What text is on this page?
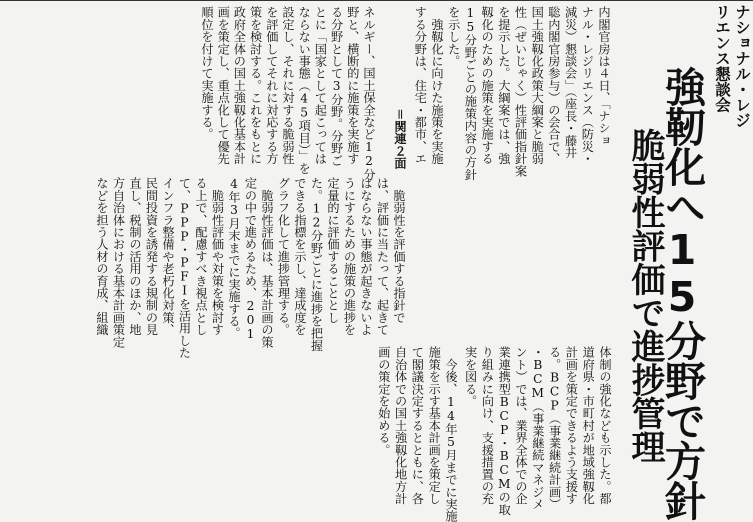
ナショナル・レジ
リエンス懇談会
強靭化へ15分野で方針
脆弱性評価で進捗管理
内閣官房は４日、「ナショ
ナル・レジリエンス（防災・
減災）懇談会」（座長・藤井
聡内閣官房参与）の会合で、
国土強靱化政策大綱案と脆弱
性（ぜいじゃく）性評価指針案
を提示した。大綱案では、強
靱化のための施策を実施する
15分野ごとの施策内容の方針
を示した。
　強靱化に向けた施策を実施
する分野は、住宅・都市、エ
＝関連２面
ネルギー、国土保全など12分
野と、横断的に施策を実施す
る分野として3分野。分野ご
とに「国家として起こっては
ならない事態（45項目）」を
設定し、それに対する脆弱性
を評価してそれに対応する方
策を検討する。これをもとに
政府全体の国土強靱化基本計
画を策定し、重点化して優先
順位を付けて実施する。
　脆弱性を評価する指針で
は、評価に当たって、起きて
はならない事態が起きないよ
うにするための施策の進捗を
定量的に評価することとし
た。12分野ごとに進捗を把握
できる指標を示し、達成度を
グラフ化して進捗管理する。
　脆弱性評価は、基本計画の策
定の中で進めるため、201
4年3月末までに実施する。
　脆弱性評価や対策を検討す
る上で、配慮すべき視点とし
て、PPP・PFIを活用した
インフラ整備や老朽化対策、
民間投資を誘発する規制の見
直し、税制の活用のほか、地
方自治体における基本計画策定
などを担う人材の育成、組織
体制の強化なども示した。都
道府県・市町村が地域強靱化
計画を策定できるよう支援す
る。BCP（事業継続計画）
・BCM（事業継続マネジメ
ント）では、業界全体での企
業連携型BCP・BCMの取
り組みに向け、支援措置の充
実を図る。
　今後、14年5月までに実施
施策を示す基本計画を策定し
て閣議決定するとともに、各
自治体での国土強靱化地方計
画の策定を始める。
